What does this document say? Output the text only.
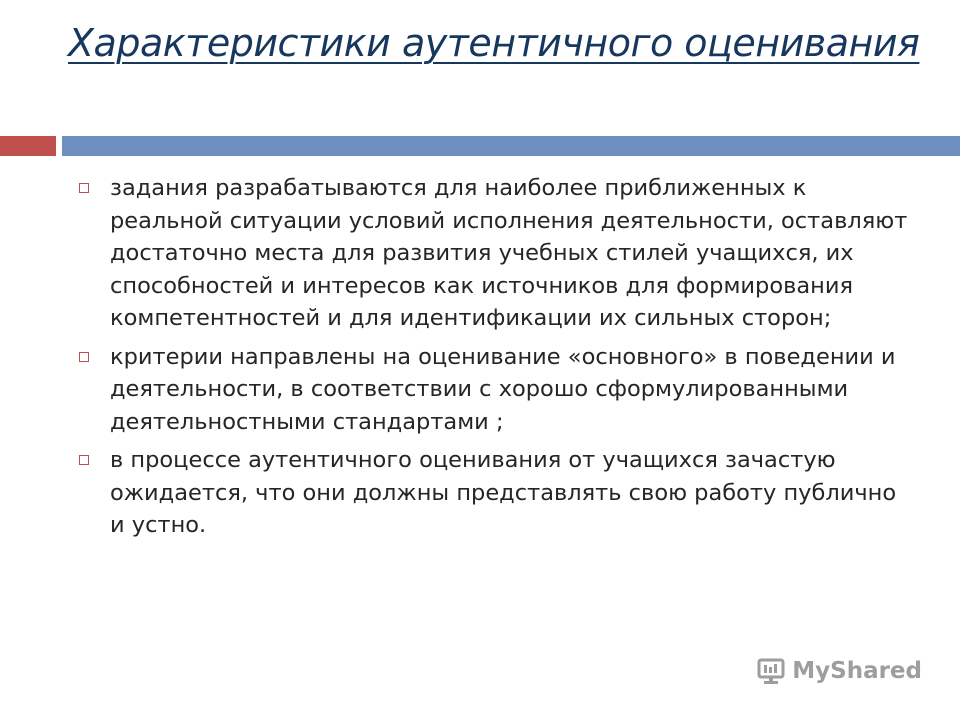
Характеристики аутентичного оценивания
задания разрабатываются для наиболее приближенных к реальной ситуации условий исполнения деятельности, оставляют достаточно места для развития учебных стилей учащихся, их способностей и интересов как источников для формирования компетентностей и для идентификации их сильных сторон;
критерии направлены на оценивание «основного» в поведении и деятельности, в соответствии с хорошо сформулированными деятельностными стандартами ;
в процессе аутентичного оценивания от учащихся зачастую ожидается, что они должны представлять свою работу публично и устно.
MyShared
